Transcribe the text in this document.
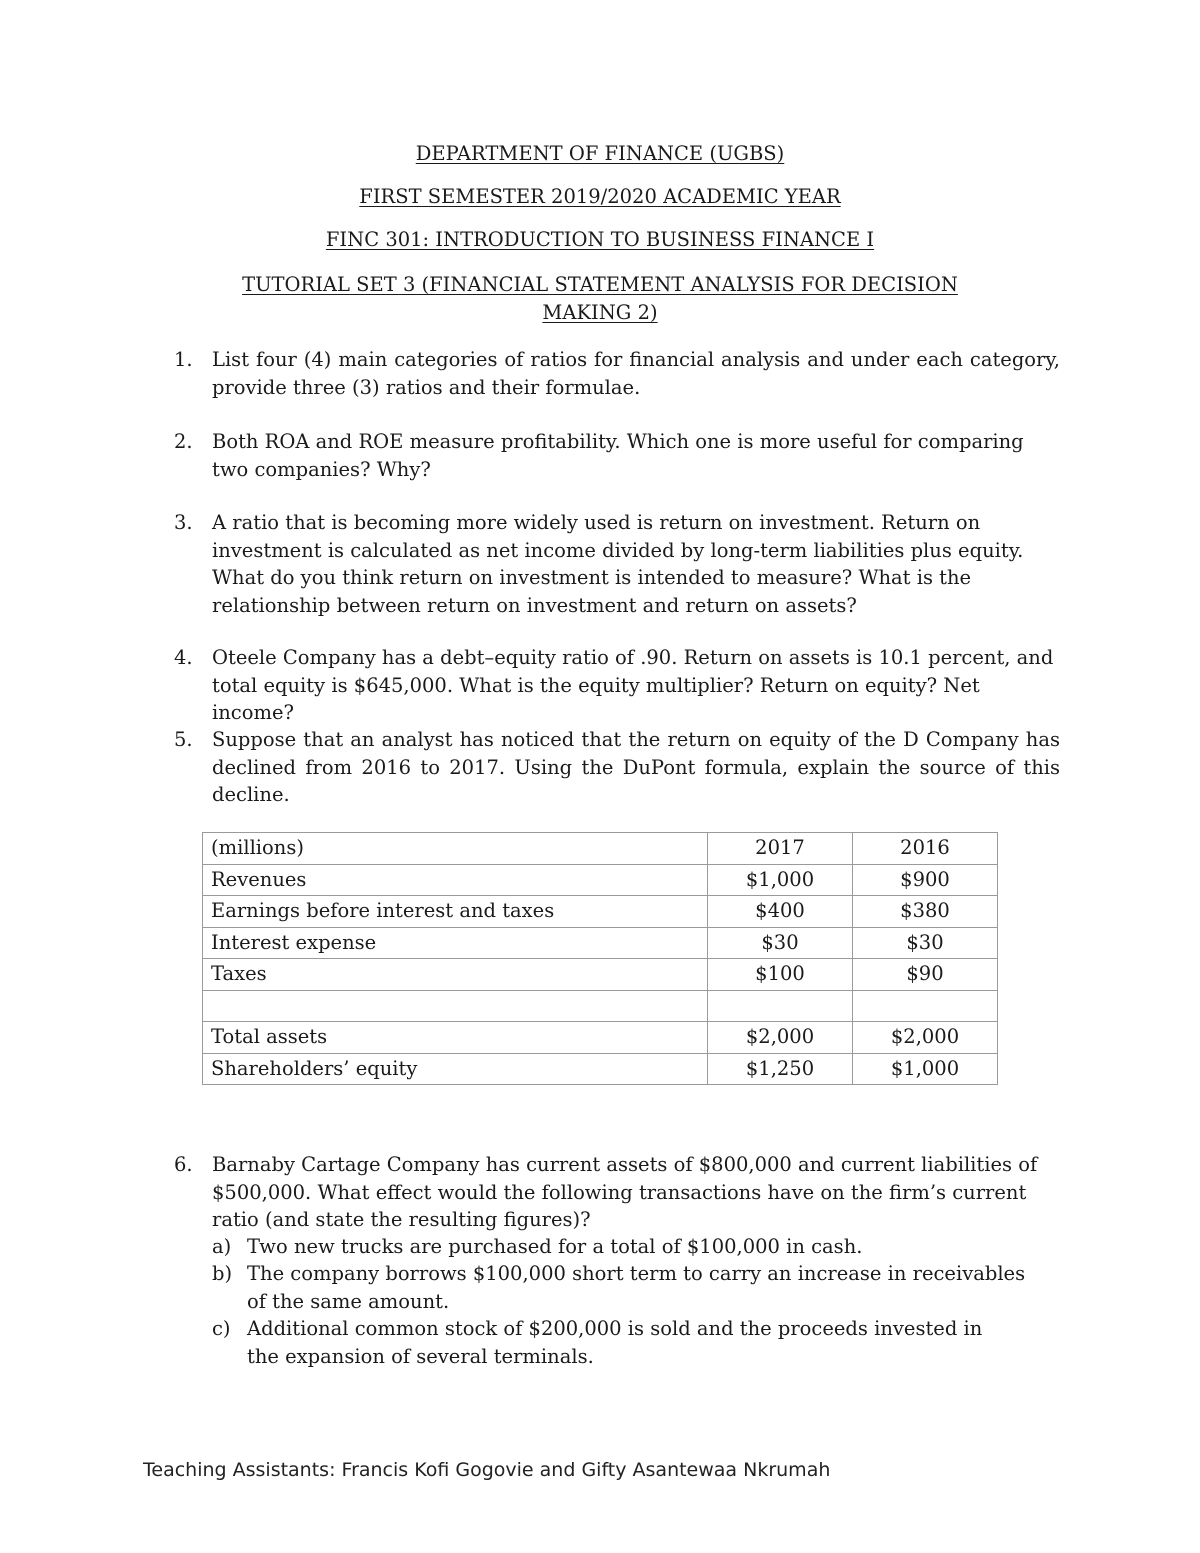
DEPARTMENT OF FINANCE (UGBS)

FIRST SEMESTER 2019/2020 ACADEMIC YEAR

FINC 301: INTRODUCTION TO BUSINESS FINANCE I

TUTORIAL SET 3 (FINANCIAL STATEMENT ANALYSIS FOR DECISION
MAKING 2)

1. List four (4) main categories of ratios for financial analysis and under each category, provide three (3) ratios and their formulae.

2. Both ROA and ROE measure profitability. Which one is more useful for comparing two companies? Why?

3. A ratio that is becoming more widely used is return on investment. Return on investment is calculated as net income divided by long-term liabilities plus equity. What do you think return on investment is intended to measure? What is the relationship between return on investment and return on assets?

4. Oteele Company has a debt–equity ratio of .90. Return on assets is 10.1 percent, and total equity is $645,000. What is the equity multiplier? Return on equity? Net income?

5. Suppose that an analyst has noticed that the return on equity of the D Company has declined from 2016 to 2017. Using the DuPont formula, explain the source of this decline.

(millions)	2017	2016
Revenues	$1,000	$900
Earnings before interest and taxes	$400	$380
Interest expense	$30	$30
Taxes	$100	$90

Total assets	$2,000	$2,000
Shareholders’ equity	$1,250	$1,000
6. Barnaby Cartage Company has current assets of $800,000 and current liabilities of $500,000. What effect would the following transactions have on the firm’s current ratio (and state the resulting figures)?

a) Two new trucks are purchased for a total of $100,000 in cash.

b) The company borrows $100,000 short term to carry an increase in receivables of the same amount.

c) Additional common stock of $200,000 is sold and the proceeds invested in the expansion of several terminals.

Teaching Assistants: Francis Kofi Gogovie and Gifty Asantewaa Nkrumah
